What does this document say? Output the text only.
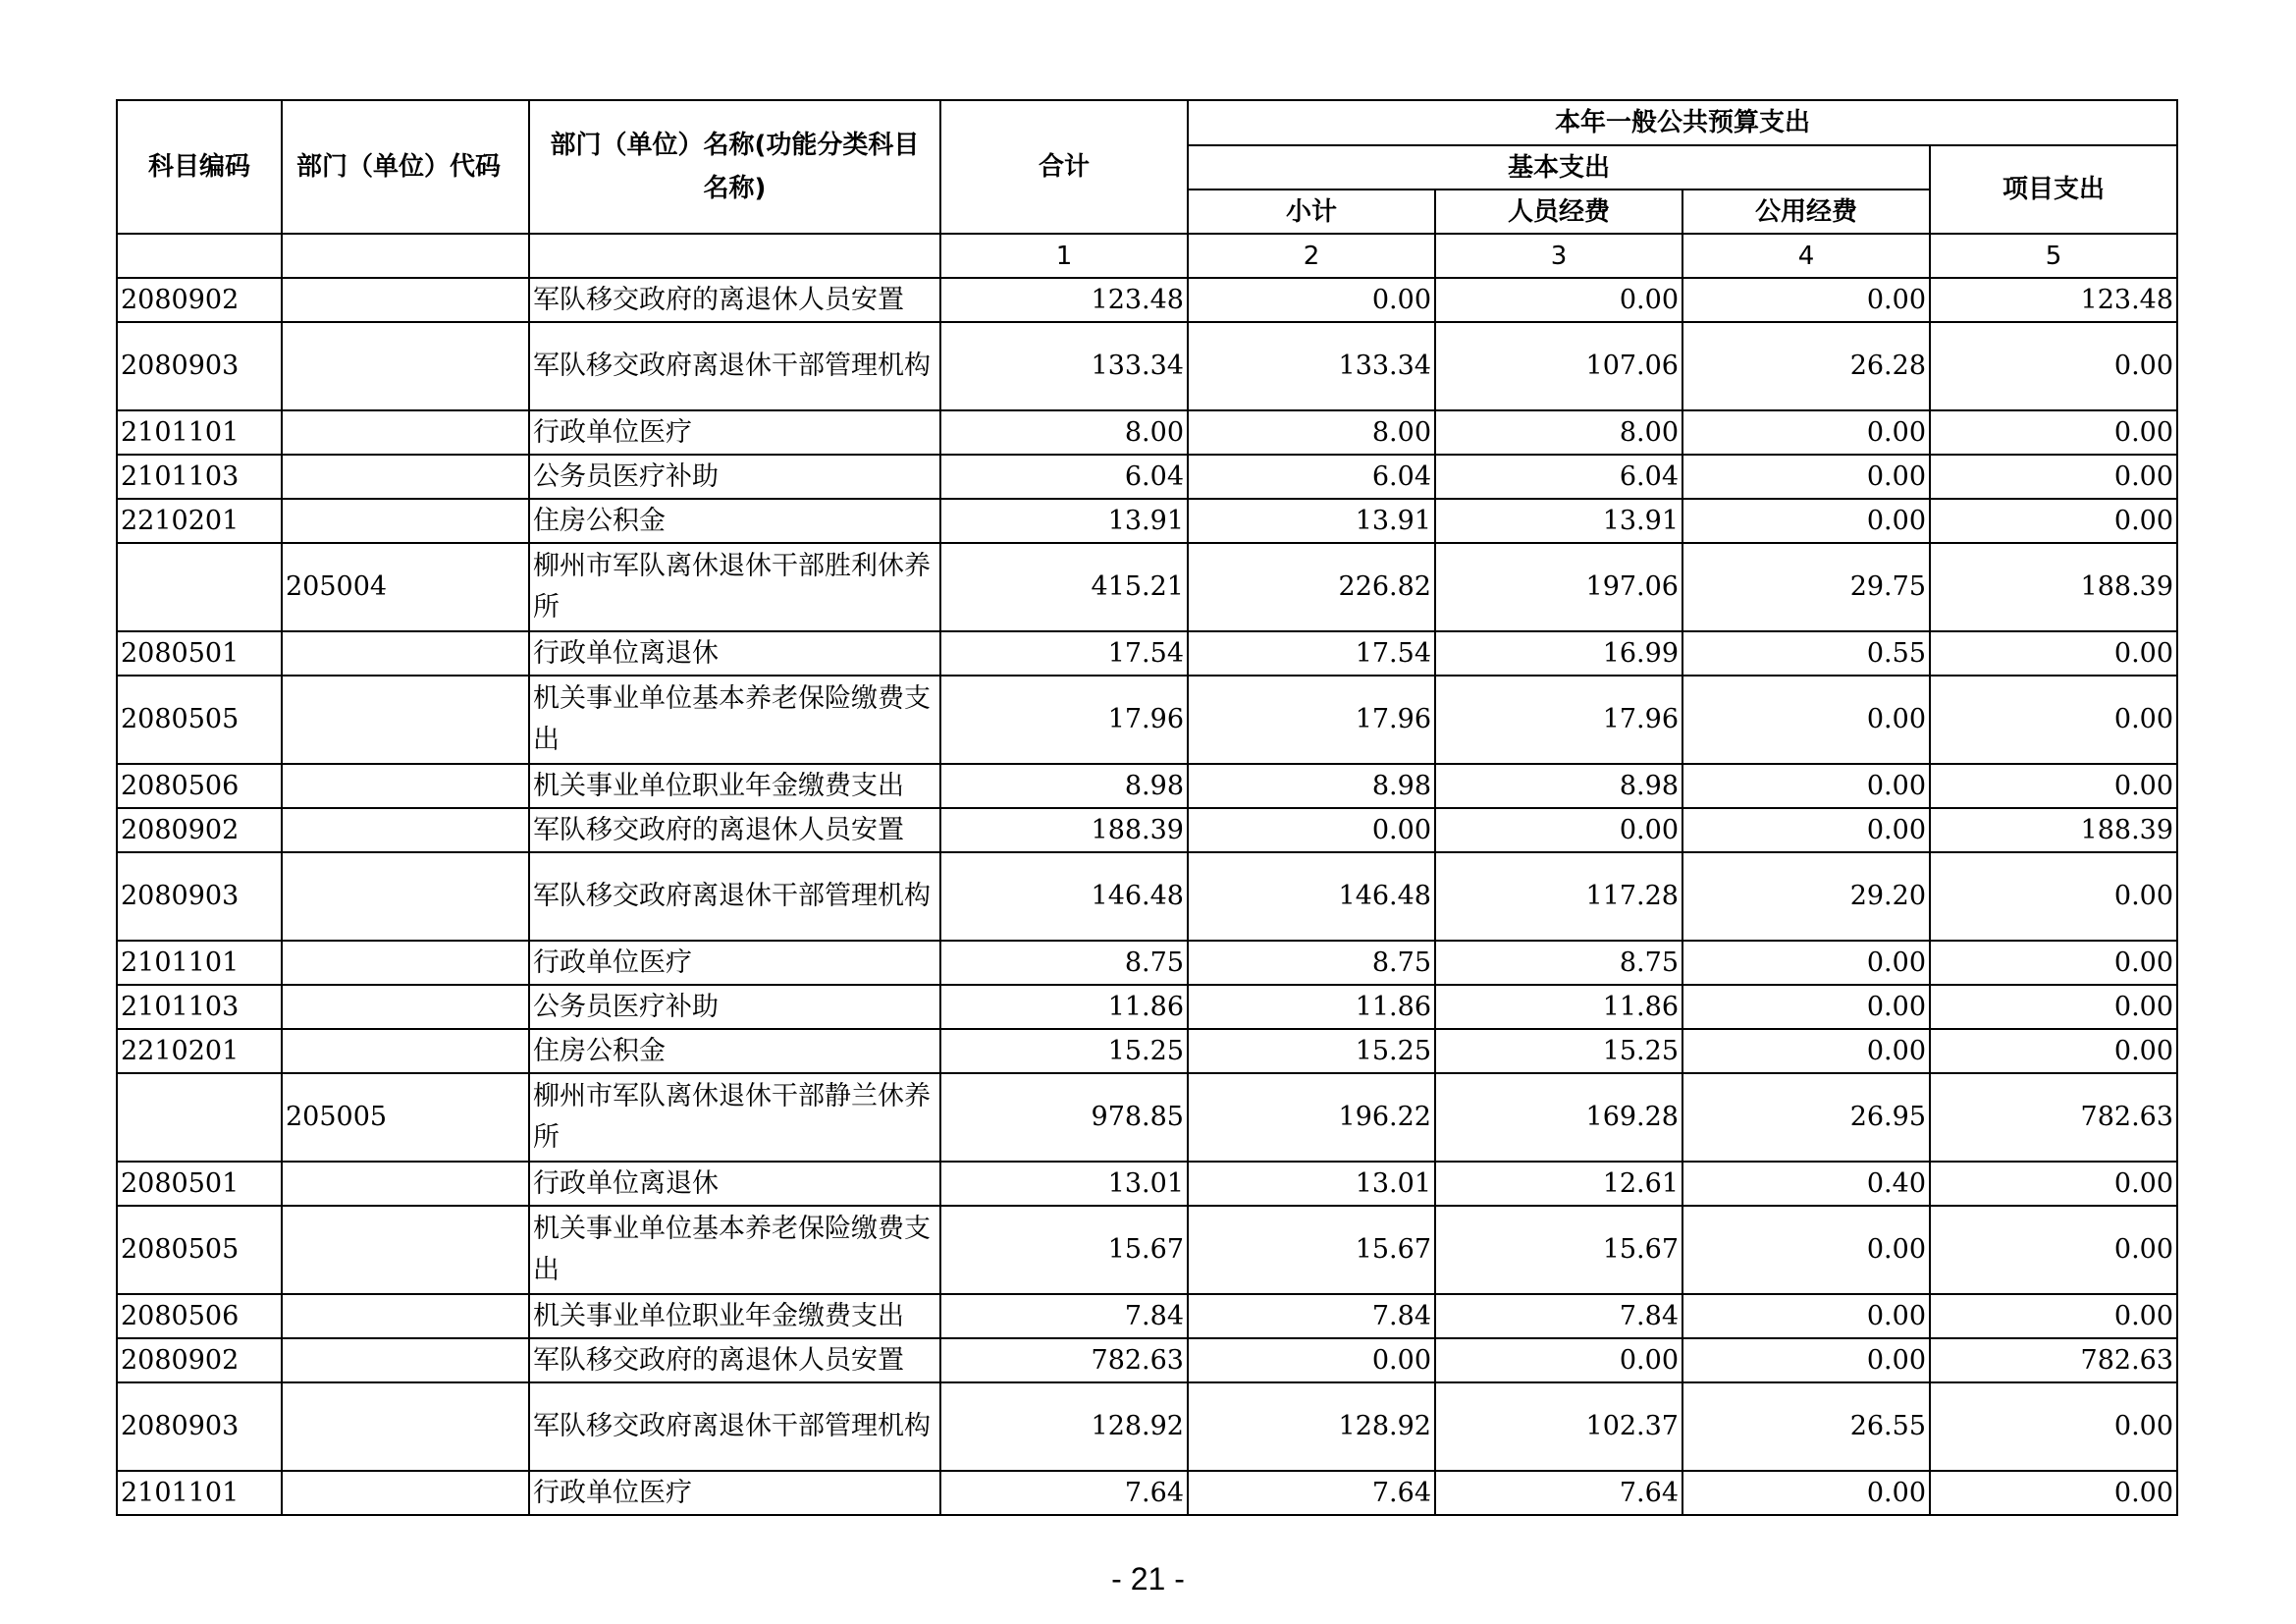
科目编码	部门（单位）代码	部门（单位）名称(功能分类科目
名称)	合计	本年一般公共预算支出			
				基本支出			项目支出
				小计	人员经费	公用经费	
			1	2	3	4	5
2080902		军队移交政府的离退休人员安置	123.48	0.00	0.00	0.00	123.48
2080903		军队移交政府离退休干部管理机构	133.34	133.34	107.06	26.28	0.00
2101101		行政单位医疗	8.00	8.00	8.00	0.00	0.00
2101103		公务员医疗补助	6.04	6.04	6.04	0.00	0.00
2210201		住房公积金	13.91	13.91	13.91	0.00	0.00
	205004	柳州市军队离休退休干部胜利休养所	415.21	226.82	197.06	29.75	188.39
2080501		行政单位离退休	17.54	17.54	16.99	0.55	0.00
2080505		机关事业单位基本养老保险缴费支出	17.96	17.96	17.96	0.00	0.00
2080506		机关事业单位职业年金缴费支出	8.98	8.98	8.98	0.00	0.00
2080902		军队移交政府的离退休人员安置	188.39	0.00	0.00	0.00	188.39
2080903		军队移交政府离退休干部管理机构	146.48	146.48	117.28	29.20	0.00
2101101		行政单位医疗	8.75	8.75	8.75	0.00	0.00
2101103		公务员医疗补助	11.86	11.86	11.86	0.00	0.00
2210201		住房公积金	15.25	15.25	15.25	0.00	0.00
	205005	柳州市军队离休退休干部静兰休养所	978.85	196.22	169.28	26.95	782.63
2080501		行政单位离退休	13.01	13.01	12.61	0.40	0.00
2080505		机关事业单位基本养老保险缴费支出	15.67	15.67	15.67	0.00	0.00
2080506		机关事业单位职业年金缴费支出	7.84	7.84	7.84	0.00	0.00
2080902		军队移交政府的离退休人员安置	782.63	0.00	0.00	0.00	782.63
2080903		军队移交政府离退休干部管理机构	128.92	128.92	102.37	26.55	0.00
2101101		行政单位医疗	7.64	7.64	7.64	0.00	0.00
- 21 -
